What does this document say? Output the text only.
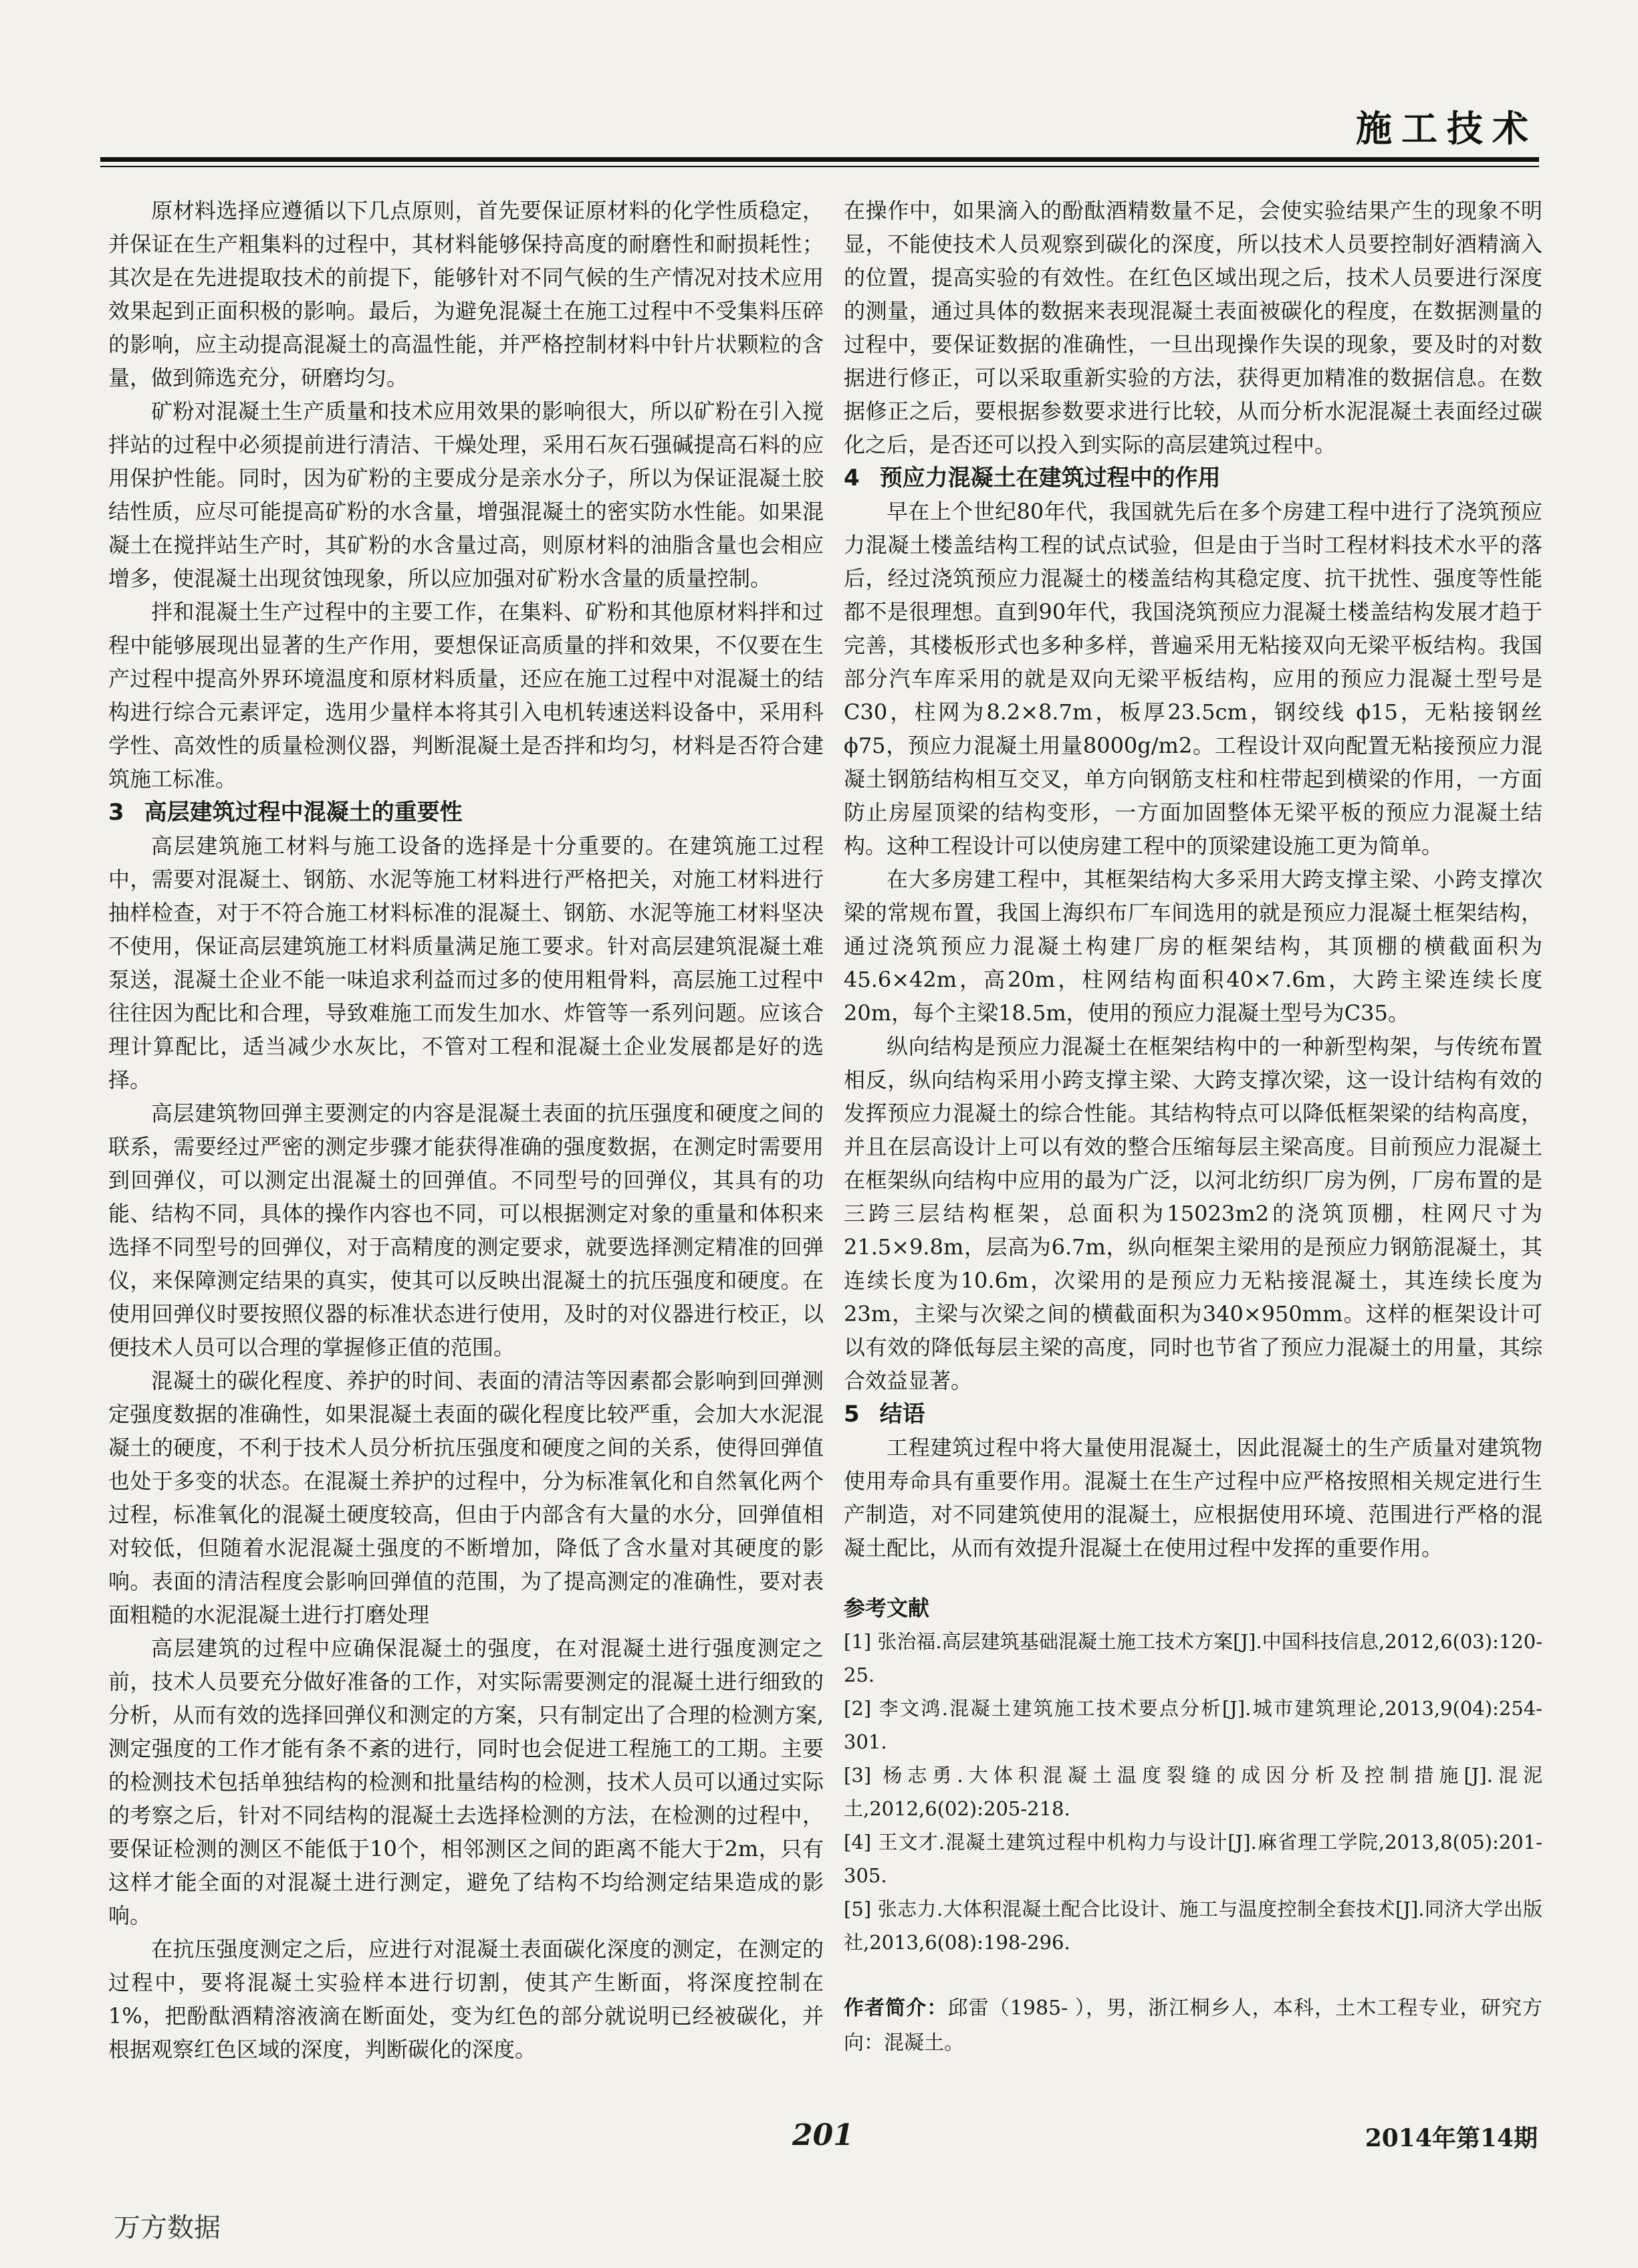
施工技术

原材料选择应遵循以下几点原则，首先要保证原材料的化学性质稳定，并保证在生产粗集料的过程中，其材料能够保持高度的耐磨性和耐损耗性；其次是在先进提取技术的前提下，能够针对不同气候的生产情况对技术应用效果起到正面积极的影响。最后，为避免混凝土在施工过程中不受集料压碎的影响，应主动提高混凝土的高温性能，并严格控制材料中针片状颗粒的含量，做到筛选充分，研磨均匀。

矿粉对混凝土生产质量和技术应用效果的影响很大，所以矿粉在引入搅拌站的过程中必须提前进行清洁、干燥处理，采用石灰石强碱提高石料的应用保护性能。同时，因为矿粉的主要成分是亲水分子，所以为保证混凝土胶结性质，应尽可能提高矿粉的水含量，增强混凝土的密实防水性能。如果混凝土在搅拌站生产时，其矿粉的水含量过高，则原材料的油脂含量也会相应增多，使混凝土出现贫蚀现象，所以应加强对矿粉水含量的质量控制。

拌和混凝土生产过程中的主要工作，在集料、矿粉和其他原材料拌和过程中能够展现出显著的生产作用，要想保证高质量的拌和效果，不仅要在生产过程中提高外界环境温度和原材料质量，还应在施工过程中对混凝土的结构进行综合元素评定，选用少量样本将其引入电机转速送料设备中，采用科学性、高效性的质量检测仪器，判断混凝土是否拌和均匀，材料是否符合建筑施工标准。

3 高层建筑过程中混凝土的重要性

高层建筑施工材料与施工设备的选择是十分重要的。在建筑施工过程中，需要对混凝土、钢筋、水泥等施工材料进行严格把关，对施工材料进行抽样检查，对于不符合施工材料标准的混凝土、钢筋、水泥等施工材料坚决不使用，保证高层建筑施工材料质量满足施工要求。针对高层建筑混凝土难泵送，混凝土企业不能一味追求利益而过多的使用粗骨料，高层施工过程中往往因为配比和合理，导致难施工而发生加水、炸管等一系列问题。应该合理计算配比，适当减少水灰比，不管对工程和混凝土企业发展都是好的选择。

高层建筑物回弹主要测定的内容是混凝土表面的抗压强度和硬度之间的联系，需要经过严密的测定步骤才能获得准确的强度数据，在测定时需要用到回弹仪，可以测定出混凝土的回弹值。不同型号的回弹仪，其具有的功能、结构不同，具体的操作内容也不同，可以根据测定对象的重量和体积来选择不同型号的回弹仪，对于高精度的测定要求，就要选择测定精准的回弹仪，来保障测定结果的真实，使其可以反映出混凝土的抗压强度和硬度。在使用回弹仪时要按照仪器的标准状态进行使用，及时的对仪器进行校正，以便技术人员可以合理的掌握修正值的范围。

混凝土的碳化程度、养护的时间、表面的清洁等因素都会影响到回弹测定强度数据的准确性，如果混凝土表面的碳化程度比较严重，会加大水泥混凝土的硬度，不利于技术人员分析抗压强度和硬度之间的关系，使得回弹值也处于多变的状态。在混凝土养护的过程中，分为标准氧化和自然氧化两个过程，标准氧化的混凝土硬度较高，但由于内部含有大量的水分，回弹值相对较低，但随着水泥混凝土强度的不断增加，降低了含水量对其硬度的影响。表面的清洁程度会影响回弹值的范围，为了提高测定的准确性，要对表面粗糙的水泥混凝土进行打磨处理

高层建筑的过程中应确保混凝土的强度，在对混凝土进行强度测定之前，技术人员要充分做好准备的工作，对实际需要测定的混凝土进行细致的分析，从而有效的选择回弹仪和测定的方案，只有制定出了合理的检测方案,测定强度的工作才能有条不紊的进行，同时也会促进工程施工的工期。主要的检测技术包括单独结构的检测和批量结构的检测，技术人员可以通过实际的考察之后，针对不同结构的混凝土去选择检测的方法，在检测的过程中，要保证检测的测区不能低于10个，相邻测区之间的距离不能大于2m，只有这样才能全面的对混凝土进行测定，避免了结构不均给测定结果造成的影响。

在抗压强度测定之后，应进行对混凝土表面碳化深度的测定，在测定的过程中，要将混凝土实验样本进行切割，使其产生断面，将深度控制在1%，把酚酞酒精溶液滴在断面处，变为红色的部分就说明已经被碳化，并根据观察红色区域的深度，判断碳化的深度。

在操作中，如果滴入的酚酞酒精数量不足，会使实验结果产生的现象不明显，不能使技术人员观察到碳化的深度，所以技术人员要控制好酒精滴入的位置，提高实验的有效性。在红色区域出现之后，技术人员要进行深度的测量，通过具体的数据来表现混凝土表面被碳化的程度，在数据测量的过程中，要保证数据的准确性，一旦出现操作失误的现象，要及时的对数据进行修正，可以采取重新实验的方法，获得更加精准的数据信息。在数据修正之后，要根据参数要求进行比较，从而分析水泥混凝土表面经过碳化之后，是否还可以投入到实际的高层建筑过程中。

4 预应力混凝土在建筑过程中的作用

早在上个世纪80年代，我国就先后在多个房建工程中进行了浇筑预应力混凝土楼盖结构工程的试点试验，但是由于当时工程材料技术水平的落后，经过浇筑预应力混凝土的楼盖结构其稳定度、抗干扰性、强度等性能都不是很理想。直到90年代，我国浇筑预应力混凝土楼盖结构发展才趋于完善，其楼板形式也多种多样，普遍采用无粘接双向无梁平板结构。我国部分汽车库采用的就是双向无梁平板结构，应用的预应力混凝土型号是C30，柱网为8.2×8.7m，板厚23.5cm，钢绞线 ϕ15，无粘接钢丝 ϕ75，预应力混凝土用量8000g/m2。工程设计双向配置无粘接预应力混凝土钢筋结构相互交叉，单方向钢筋支柱和柱带起到横梁的作用，一方面防止房屋顶梁的结构变形，一方面加固整体无梁平板的预应力混凝土结构。这种工程设计可以使房建工程中的顶梁建设施工更为简单。

在大多房建工程中，其框架结构大多采用大跨支撑主梁、小跨支撑次梁的常规布置，我国上海织布厂车间选用的就是预应力混凝土框架结构，通过浇筑预应力混凝土构建厂房的框架结构，其顶棚的横截面积为45.6×42m，高20m，柱网结构面积40×7.6m，大跨主梁连续长度20m，每个主梁18.5m，使用的预应力混凝土型号为C35。

纵向结构是预应力混凝土在框架结构中的一种新型构架，与传统布置相反，纵向结构采用小跨支撑主梁、大跨支撑次梁，这一设计结构有效的发挥预应力混凝土的综合性能。其结构特点可以降低框架梁的结构高度，并且在层高设计上可以有效的整合压缩每层主梁高度。目前预应力混凝土在框架纵向结构中应用的最为广泛，以河北纺织厂房为例，厂房布置的是三跨三层结构框架，总面积为15023m2的浇筑顶棚，柱网尺寸为21.5×9.8m，层高为6.7m，纵向框架主梁用的是预应力钢筋混凝土，其连续长度为10.6m，次梁用的是预应力无粘接混凝土，其连续长度为23m，主梁与次梁之间的横截面积为340×950mm。这样的框架设计可以有效的降低每层主梁的高度，同时也节省了预应力混凝土的用量，其综合效益显著。

5 结语

工程建筑过程中将大量使用混凝土，因此混凝土的生产质量对建筑物使用寿命具有重要作用。混凝土在生产过程中应严格按照相关规定进行生产制造，对不同建筑使用的混凝土，应根据使用环境、范围进行严格的混凝土配比，从而有效提升混凝土在使用过程中发挥的重要作用。

参考文献
[1] 张治福.高层建筑基础混凝土施工技术方案[J].中国科技信息,2012,6(03):120-25.
[2] 李文鸿.混凝土建筑施工技术要点分析[J].城市建筑理论,2013,9(04):254-301.
[3] 杨志勇.大体积混凝土温度裂缝的成因分析及控制措施[J].混泥土,2012,6(02):205-218.
[4] 王文才.混凝土建筑过程中机构力与设计[J].麻省理工学院,2013,8(05):201-305.
[5] 张志力.大体积混凝土配合比设计、施工与温度控制全套技术[J].同济大学出版社,2013,6(08):198-296.
作者简介：邱雷（1985- ），男，浙江桐乡人，本科，土木工程专业，研究方向：混凝土。
201	2014年第14期
万方数据
